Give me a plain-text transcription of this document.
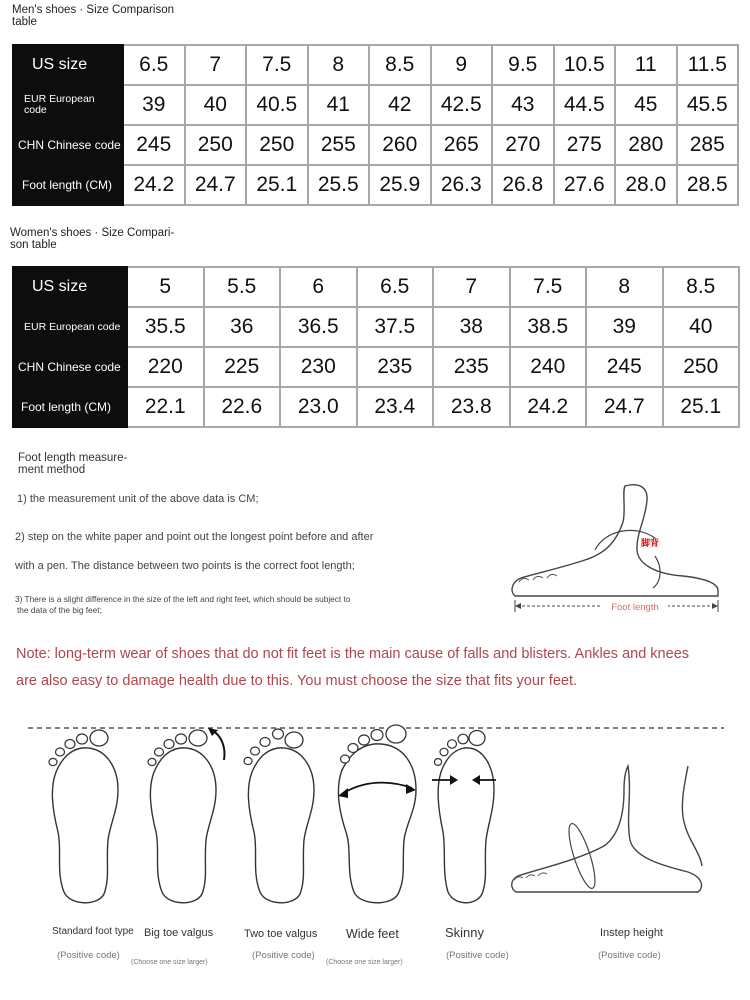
Men's shoes · Size Comparison
table
US size	6.5	7	7.5	8	8.5	9	9.5	10.5	11	11.5

EUR European
code	39	40	40.5	41	42	42.5	43	44.5	45	45.5
CHN Chinese code	245	250	250	255	260	265	270	275	280	285
Foot length (CM)	24.2	24.7	25.1	25.5	25.9	26.3	26.8	27.6	28.0	28.5
Women's shoes · Size Compari-
son table
US size	5	5.5	6	6.5	7	7.5	8	8.5
EUR European code	35.5	36	36.5	37.5	38	38.5	39	40
CHN Chinese code	220	225	230	235	235	240	245	250
Foot length (CM)	22.1	22.6	23.0	23.4	23.8	24.2	24.7	25.1
Foot length measure-
ment method
1) the measurement unit of the above data is CM;
2) step on the white paper and point out the longest point before and after
with a pen. The distance between two points is the correct foot length;
3) There is a slight difference in the size of the left and right feet, which should be subject to
the data of the big feet;	Foot length
脚背
Note: long-term wear of shoes that do not fit feet is the main cause of falls and blisters. Ankles and knees
are also easy to damage health due to this. You must choose the size that fits your feet.
Standard foot type
(Positive code)
Big toe valgus
(Choose one size larger)
Two toe valgus
(Positive code)
Wide feet
(Choose one size larger)
Skinny
(Positive code)
Instep height
(Positive code)
